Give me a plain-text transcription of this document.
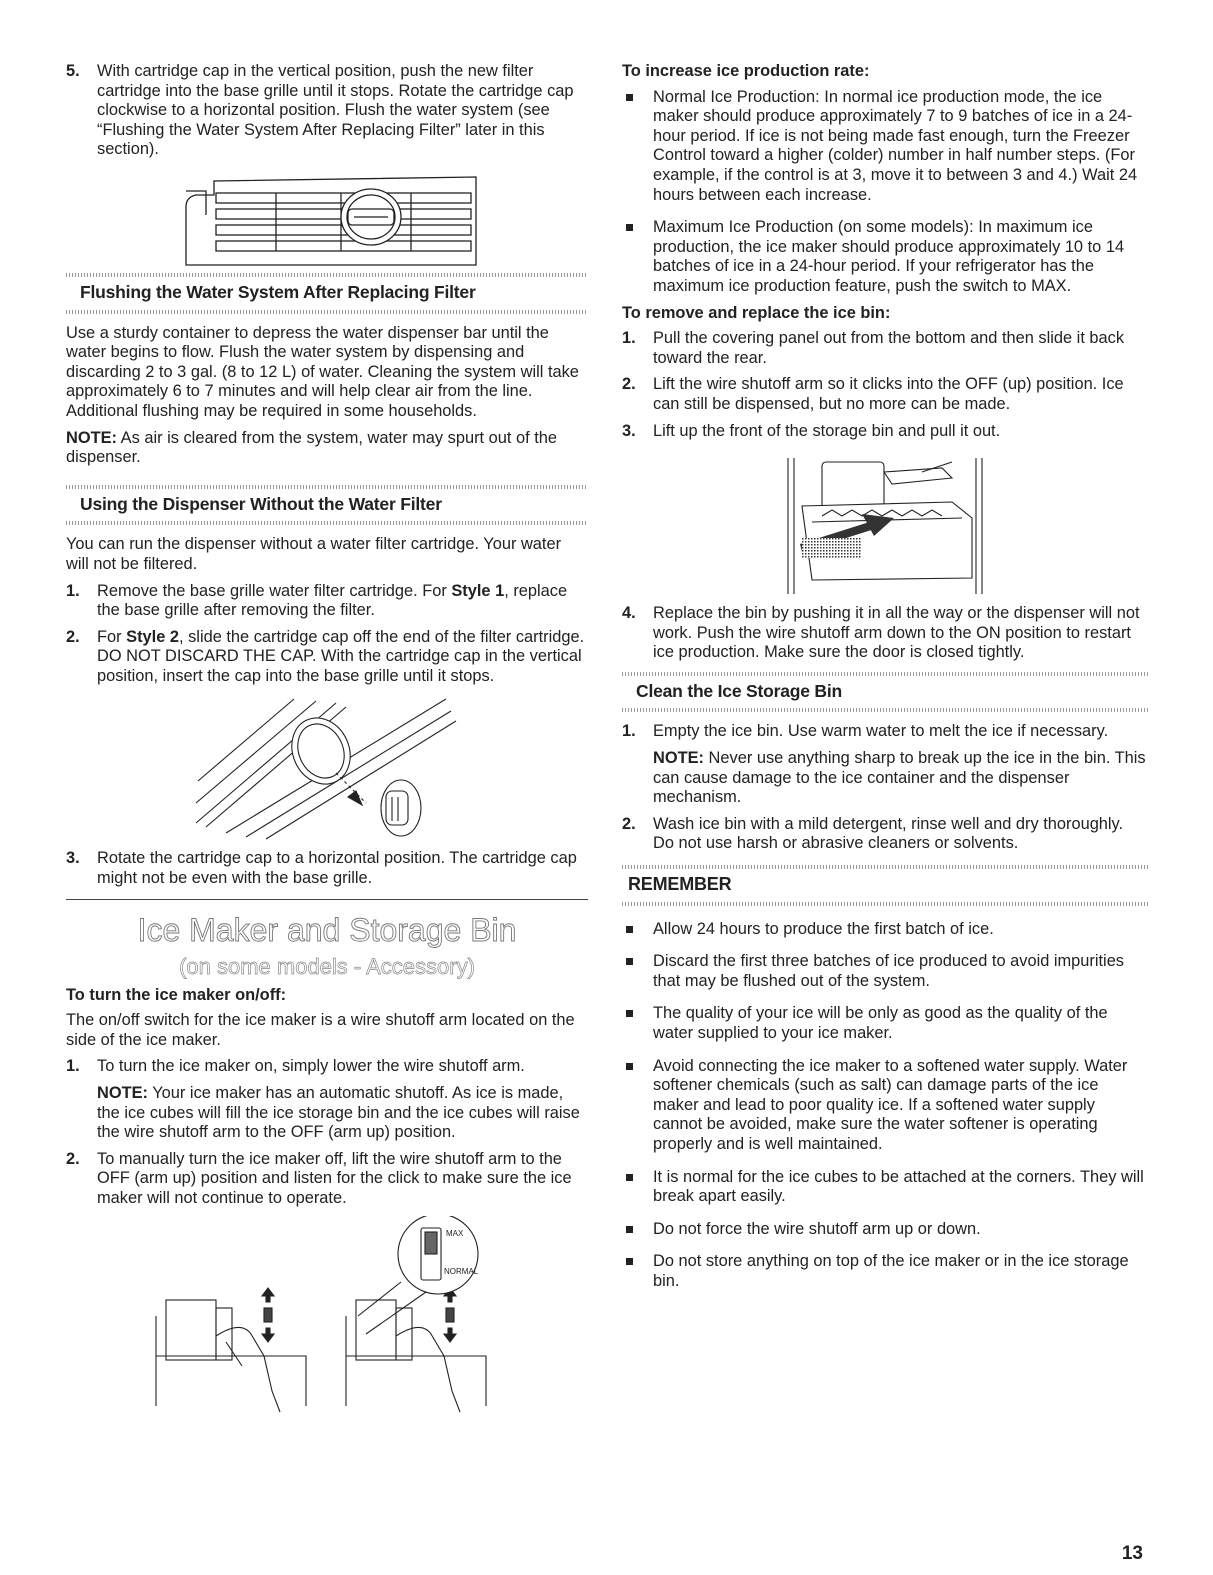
5. With cartridge cap in the vertical position, push the new filter cartridge into the base grille until it stops. Rotate the cartridge cap clockwise to a horizontal position. Flush the water system (see “Flushing the Water System After Replacing Filter” later in this section).
Flushing the Water System After Replacing Filter

Use a sturdy container to depress the water dispenser bar until the water begins to flow. Flush the water system by dispensing and discarding 2 to 3 gal. (8 to 12 L) of water. Cleaning the system will take approximately 6 to 7 minutes and will help clear air from the line. Additional flushing may be required in some households.

NOTE: As air is cleared from the system, water may spurt out of the dispenser.

Using the Dispenser Without the Water Filter

You can run the dispenser without a water filter cartridge. Your water will not be filtered.

1. Remove the base grille water filter cartridge. For Style 1, replace the base grille after removing the filter.
2. For Style 2, slide the cartridge cap off the end of the filter cartridge. DO NOT DISCARD THE CAP. With the cartridge cap in the vertical position, insert the cap into the base grille until it stops.
3. Rotate the cartridge cap to a horizontal position. The cartridge cap might not be even with the base grille.
Ice Maker and Storage Bin
(on some models - Accessory)

To turn the ice maker on/off:

The on/off switch for the ice maker is a wire shutoff arm located on the side of the ice maker.

1. To turn the ice maker on, simply lower the wire shutoff arm.

NOTE: Your ice maker has an automatic shutoff. As ice is made, the ice cubes will fill the ice storage bin and the ice cubes will raise the wire shutoff arm to the OFF (arm up) position.

2. To manually turn the ice maker off, lift the wire shutoff arm to the OFF (arm up) position and listen for the click to make sure the ice maker will not continue to operate.
MAX
NORMAL

To increase ice production rate:

Normal Ice Production: In normal ice production mode, the ice maker should produce approximately 7 to 9 batches of ice in a 24-hour period. If ice is not being made fast enough, turn the Freezer Control toward a higher (colder) number in half number steps. (For example, if the control is at 3, move it to between 3 and 4.) Wait 24 hours between each increase.
Maximum Ice Production (on some models): In maximum ice production, the ice maker should produce approximately 10 to 14 batches of ice in a 24-hour period. If your refrigerator has the maximum ice production feature, push the switch to MAX.

To remove and replace the ice bin:

1. Pull the covering panel out from the bottom and then slide it back toward the rear.
2. Lift the wire shutoff arm so it clicks into the OFF (up) position. Ice can still be dispensed, but no more can be made.
3. Lift up the front of the storage bin and pull it out.
4. Replace the bin by pushing it in all the way or the dispenser will not work. Push the wire shutoff arm down to the ON position to restart ice production. Make sure the door is closed tightly.
Clean the Ice Storage Bin
1. Empty the ice bin. Use warm water to melt the ice if necessary.

NOTE: Never use anything sharp to break up the ice in the bin. This can cause damage to the ice container and the dispenser mechanism.

2. Wash ice bin with a mild detergent, rinse well and dry thoroughly. Do not use harsh or abrasive cleaners or solvents.
REMEMBER
Allow 24 hours to produce the first batch of ice.
Discard the first three batches of ice produced to avoid impurities that may be flushed out of the system.
The quality of your ice will be only as good as the quality of the water supplied to your ice maker.
Avoid connecting the ice maker to a softened water supply. Water softener chemicals (such as salt) can damage parts of the ice maker and lead to poor quality ice. If a softened water supply cannot be avoided, make sure the water softener is operating properly and is well maintained.
It is normal for the ice cubes to be attached at the corners. They will break apart easily.
Do not force the wire shutoff arm up or down.
Do not store anything on top of the ice maker or in the ice storage bin.
13
